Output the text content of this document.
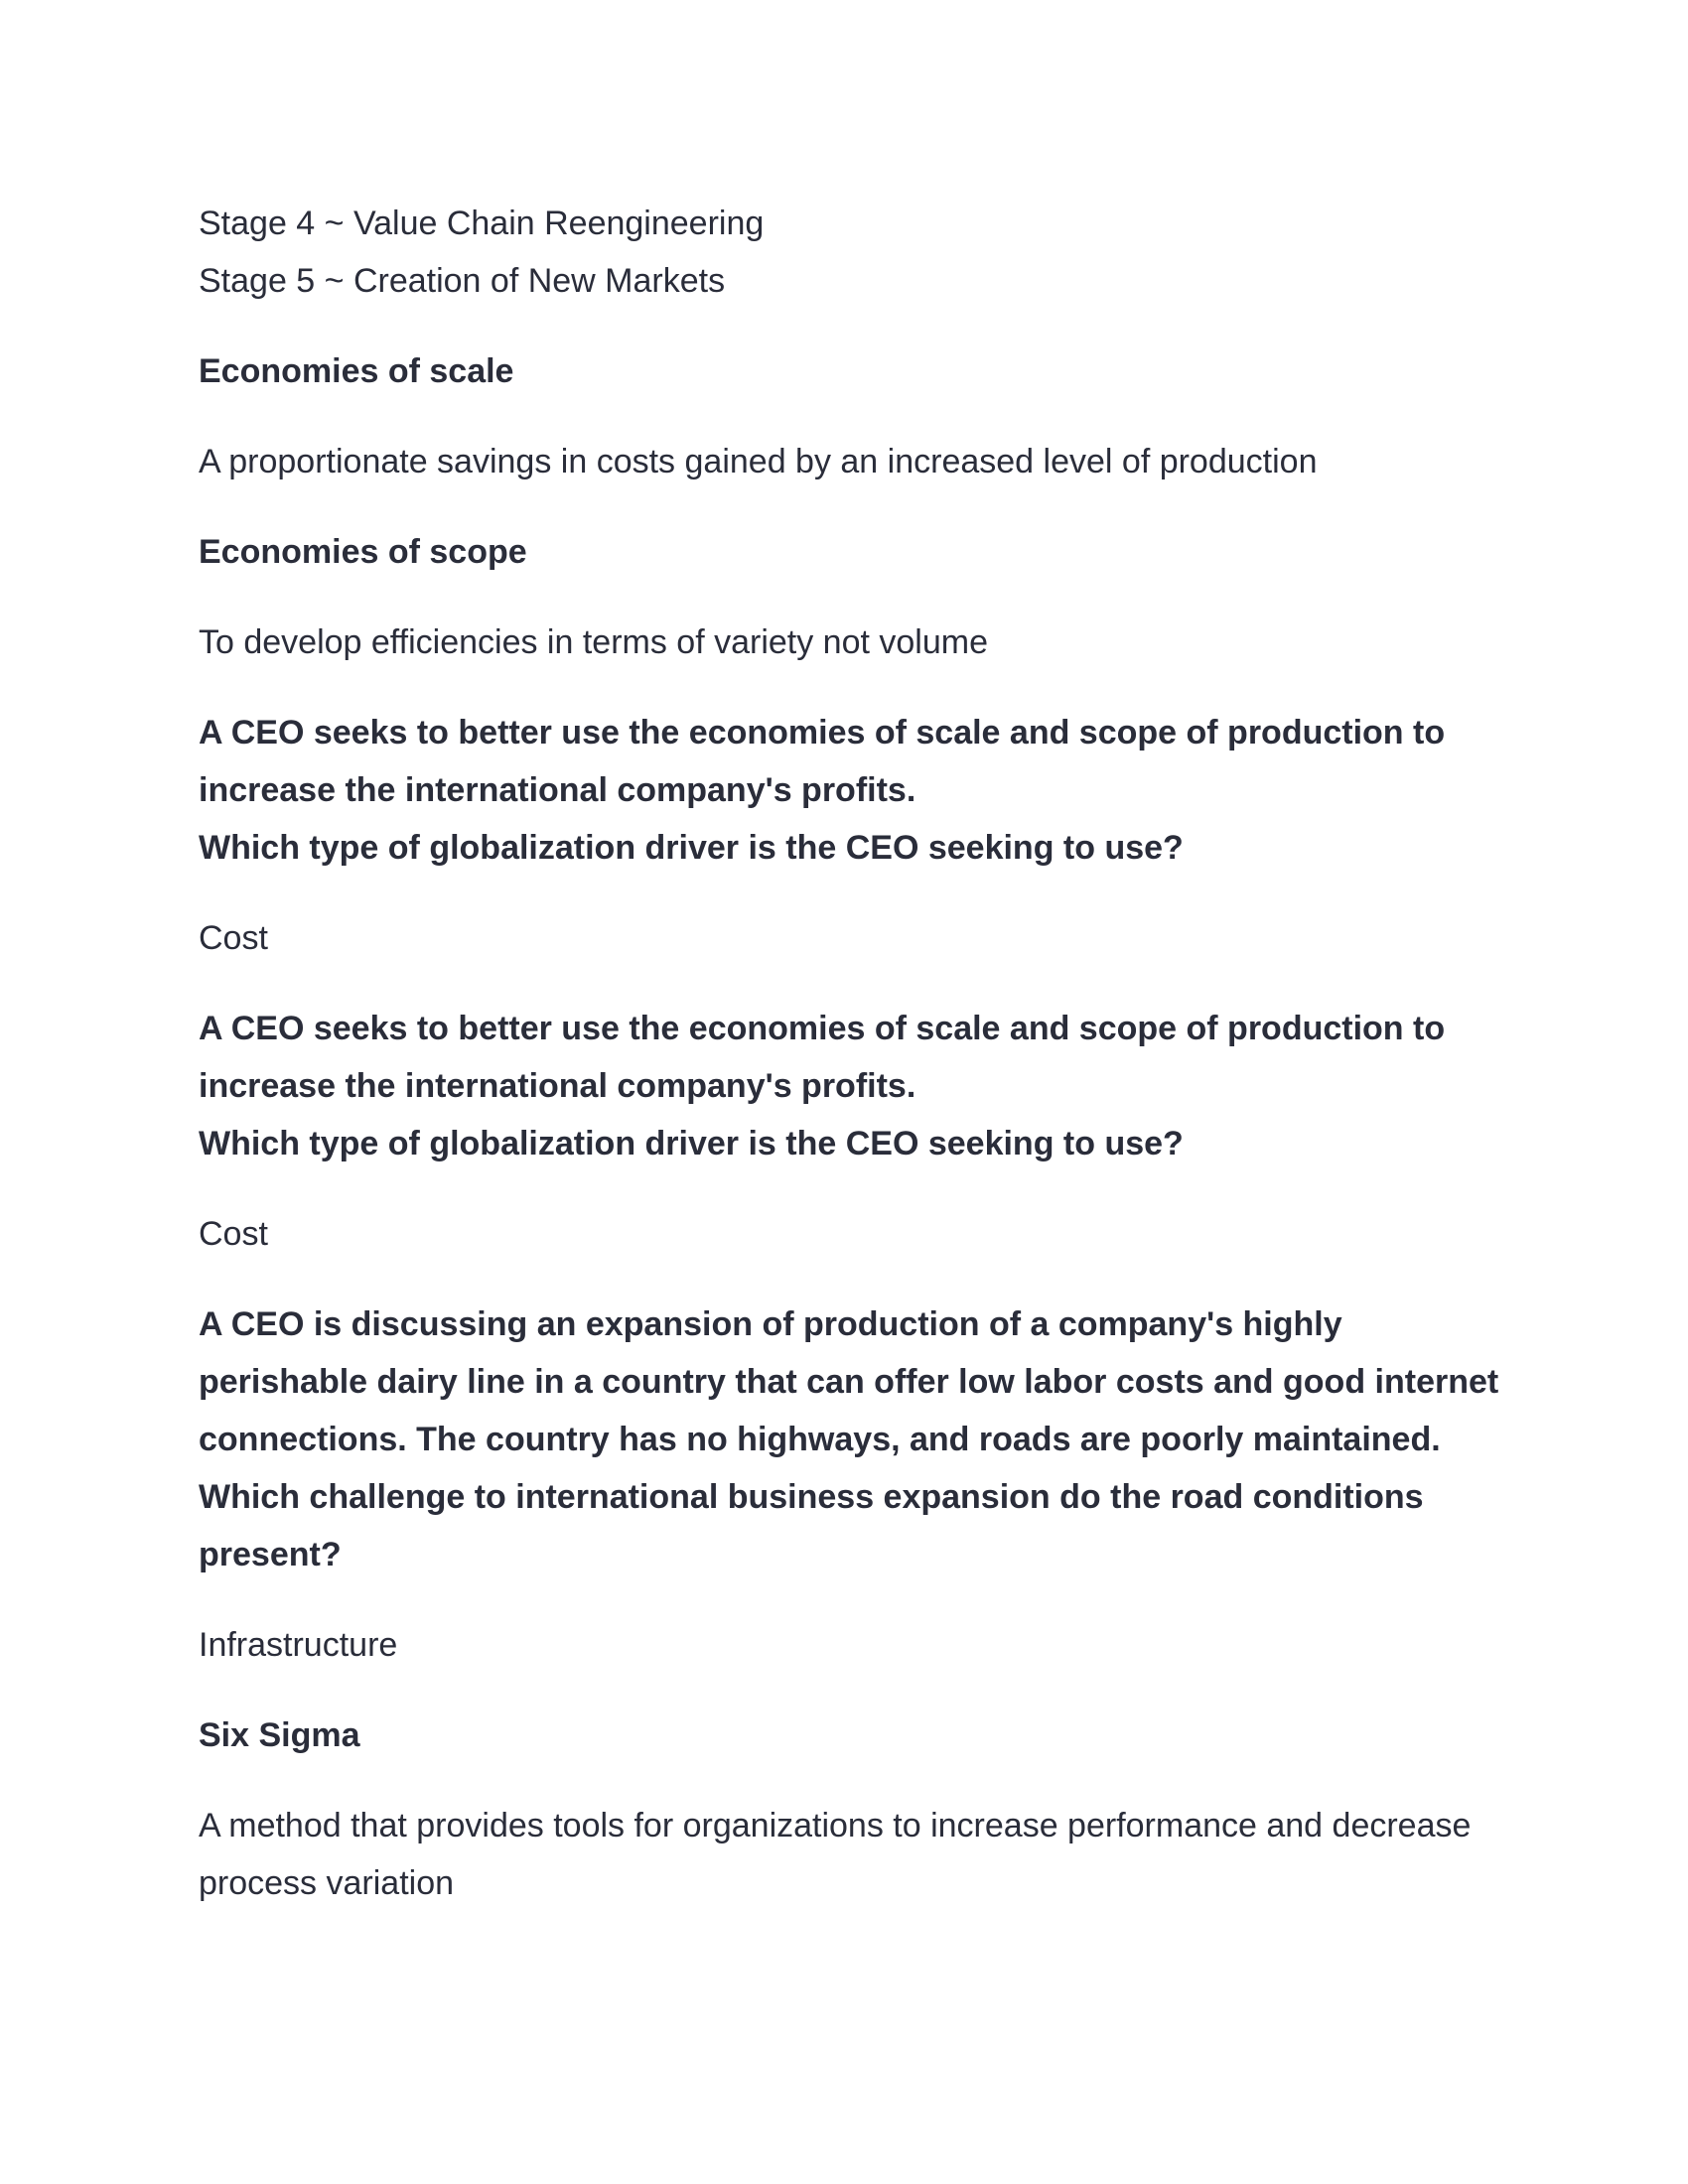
Stage 4 ~ Value Chain Reengineering

Stage 5 ~ Creation of New Markets

Economies of scale
A proportionate savings in costs gained by an increased level of production
Economies of scope
To develop efficiencies in terms of variety not volume
A CEO seeks to better use the economies of scale and scope of production to
increase the international company's profits.
Which type of globalization driver is the CEO seeking to use?
Cost
A CEO seeks to better use the economies of scale and scope of production to
increase the international company's profits.
Which type of globalization driver is the CEO seeking to use?
Cost
A CEO is discussing an expansion of production of a company's highly
perishable dairy line in a country that can offer low labor costs and good internet
connections. The country has no highways, and roads are poorly maintained.
Which challenge to international business expansion do the road conditions
present?
Infrastructure
Six Sigma
A method that provides tools for organizations to increase performance and decrease
process variation
